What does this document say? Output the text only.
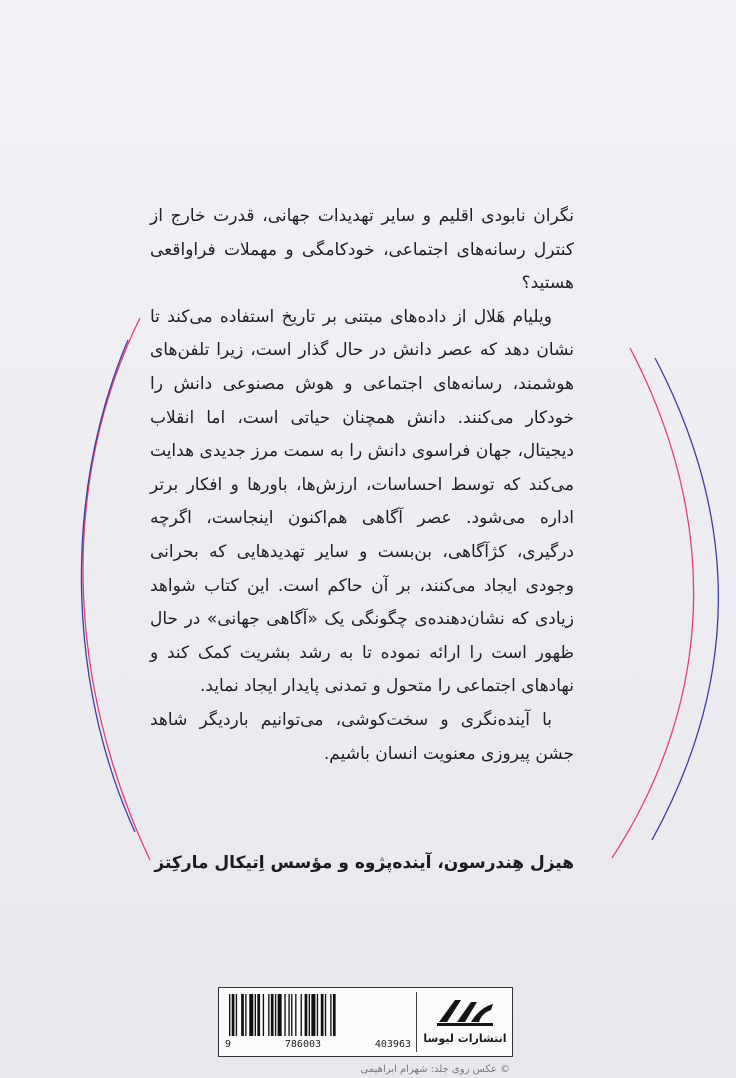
نگران نابودی اقلیم و سایر تهدیدات جهانی، قدرت خارج از کنترل رسانه‌های اجتماعی، خودکامگی و مهملات فراواقعی هستید؟

ویلیام هَلال از داده‌های مبتنی بر تاریخ استفاده می‌کند تا نشان دهد که عصر دانش در حال گذار است، زیرا تلفن‌های هوشمند، رسانه‌های اجتماعی و هوش مصنوعی دانش را خودکار می‌کنند. دانش همچنان حیاتی است، اما انقلاب دیجیتال، جهان فراسوی دانش را به سمت مرز جدیدی هدایت می‌کند که توسط احساسات، ارزش‌ها، باورها و افکار برتر اداره می‌شود. عصر آگاهی هم‌اکنون اینجاست، اگرچه درگیری، کژآگاهی، بن‌بست و سایر تهدیدهایی که بحرانی وجودی ایجاد می‌کنند، بر آن حاکم است. این کتاب شواهد زیادی که نشان‌دهنده‌ی چگونگی یک «آگاهی جهانی» در حال ظهور است را ارائه نموده تا به رشد بشریت کمک کند و نهادهای اجتماعی را متحول و تمدنی پایدار ایجاد نماید.

با آینده‌نگری و سخت‌کوشی، می‌توانیم باردیگر شاهد جشن پیروزی معنویت انسان باشیم.

هیزل هِندرسون، آینده‌پژوه و مؤسس اِتیکال مارکِتز
9	786003	403963	انتشارات لیوسا
© عکس روی جلد: شهرام ابراهیمی
